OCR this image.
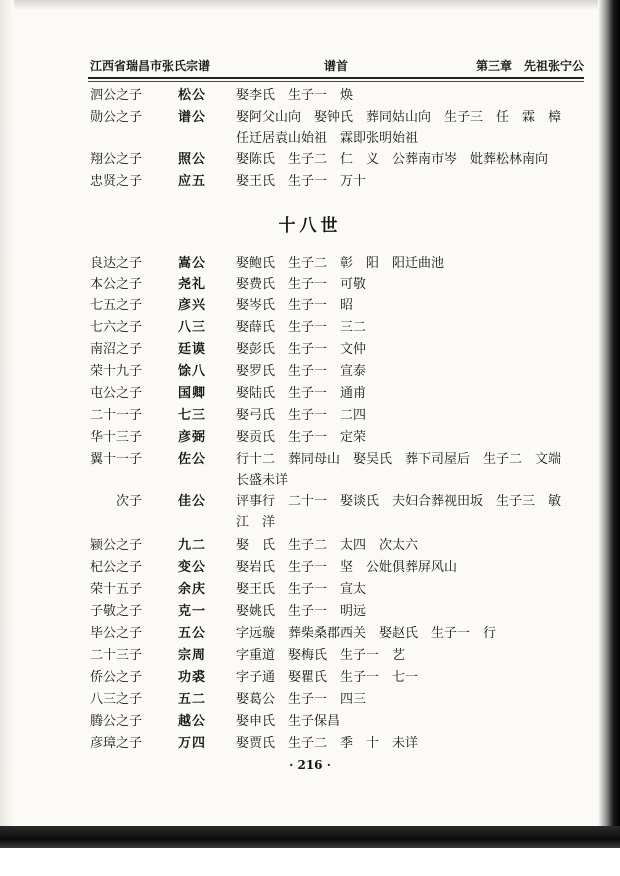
江西省瑞昌市张氏宗谱	谱首	第三章　先祖张宁公
泗公之子	松公 娶李氏　生子一　焕
勋公之子	谱公 娶阿父山向　娶钟氏　葬同姑山向　生子三　任　霖　樟　任迁居袁山始祖　霖即张明始祖
翔公之子	照公 娶陈氏　生子二　仁　义　公葬南市岑　妣葬松林南向
忠贤之子	应五 娶王氏　生子一　万十
十八世
良达之子	嵩公 娶鲍氏　生子二　彰　阳　阳迁曲池
本公之子	尧礼 娶费氏　生子一　可敬
七五之子	彦兴 娶岑氏　生子一　昭
七六之子	八三 娶薛氏　生子一　三二
南沼之子	廷谟 娶彭氏　生子一　文仲
荣十九子	馀八 娶罗氏　生子一　宣泰
屯公之子	国卿 娶陆氏　生子一　通甫
二十一子	七三 娶弓氏　生子一　二四
华十三子	彦弼 娶贡氏　生子一　定荣
翼十一子	佐公 行十二　葬同母山　娶吴氏　葬下司屋后　生子二　文端　长盛未详
次子	佳公 评事行　二十一　娶谈氏　夫妇合葬视田坂　生子三　敏　江　洋
颍公之子	九二 娶　氏　生子二　太四　次太六
杞公之子	变公 娶岩氏　生子一　坚　公妣俱葬屏风山
荣十五子	余庆 娶王氏　生子一　宣太
子敬之子	克一 娶姚氏　生子一　明远
毕公之子	五公 字远璇　葬柴桑郡西关　娶赵氏　生子一　行
二十三子	宗周 字重道　娶梅氏　生子一　艺
侨公之子	功裘 字子通　娶瞿氏　生子一　七一
八三之子	五二 娶葛公　生子一　四三
腾公之子	越公 娶申氏　生子保昌
彦璋之子	万四 娶贾氏　生子二　季　十　未详
· 216 ·
